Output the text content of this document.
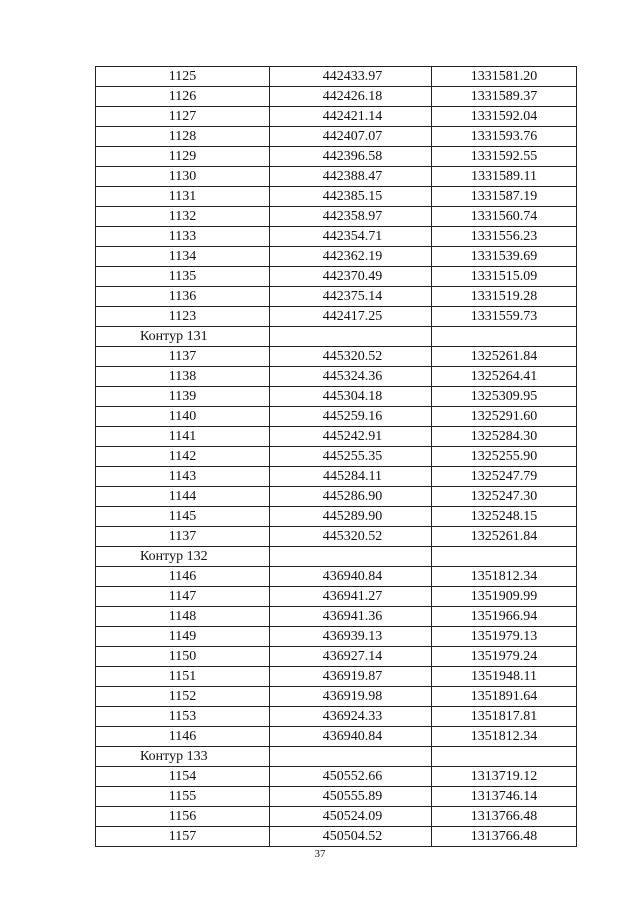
1125	442433.97	1331581.20
1126	442426.18	1331589.37
1127	442421.14	1331592.04
1128	442407.07	1331593.76
1129	442396.58	1331592.55
1130	442388.47	1331589.11
1131	442385.15	1331587.19
1132	442358.97	1331560.74
1133	442354.71	1331556.23
1134	442362.19	1331539.69
1135	442370.49	1331515.09
1136	442375.14	1331519.28
1123	442417.25	1331559.73
Контур 131		
1137	445320.52	1325261.84
1138	445324.36	1325264.41
1139	445304.18	1325309.95
1140	445259.16	1325291.60
1141	445242.91	1325284.30
1142	445255.35	1325255.90
1143	445284.11	1325247.79
1144	445286.90	1325247.30
1145	445289.90	1325248.15
1137	445320.52	1325261.84
Контур 132		
1146	436940.84	1351812.34
1147	436941.27	1351909.99
1148	436941.36	1351966.94
1149	436939.13	1351979.13
1150	436927.14	1351979.24
1151	436919.87	1351948.11
1152	436919.98	1351891.64
1153	436924.33	1351817.81
1146	436940.84	1351812.34
Контур 133		
1154	450552.66	1313719.12
1155	450555.89	1313746.14
1156	450524.09	1313766.48
1157	450504.52	1313766.48
37
